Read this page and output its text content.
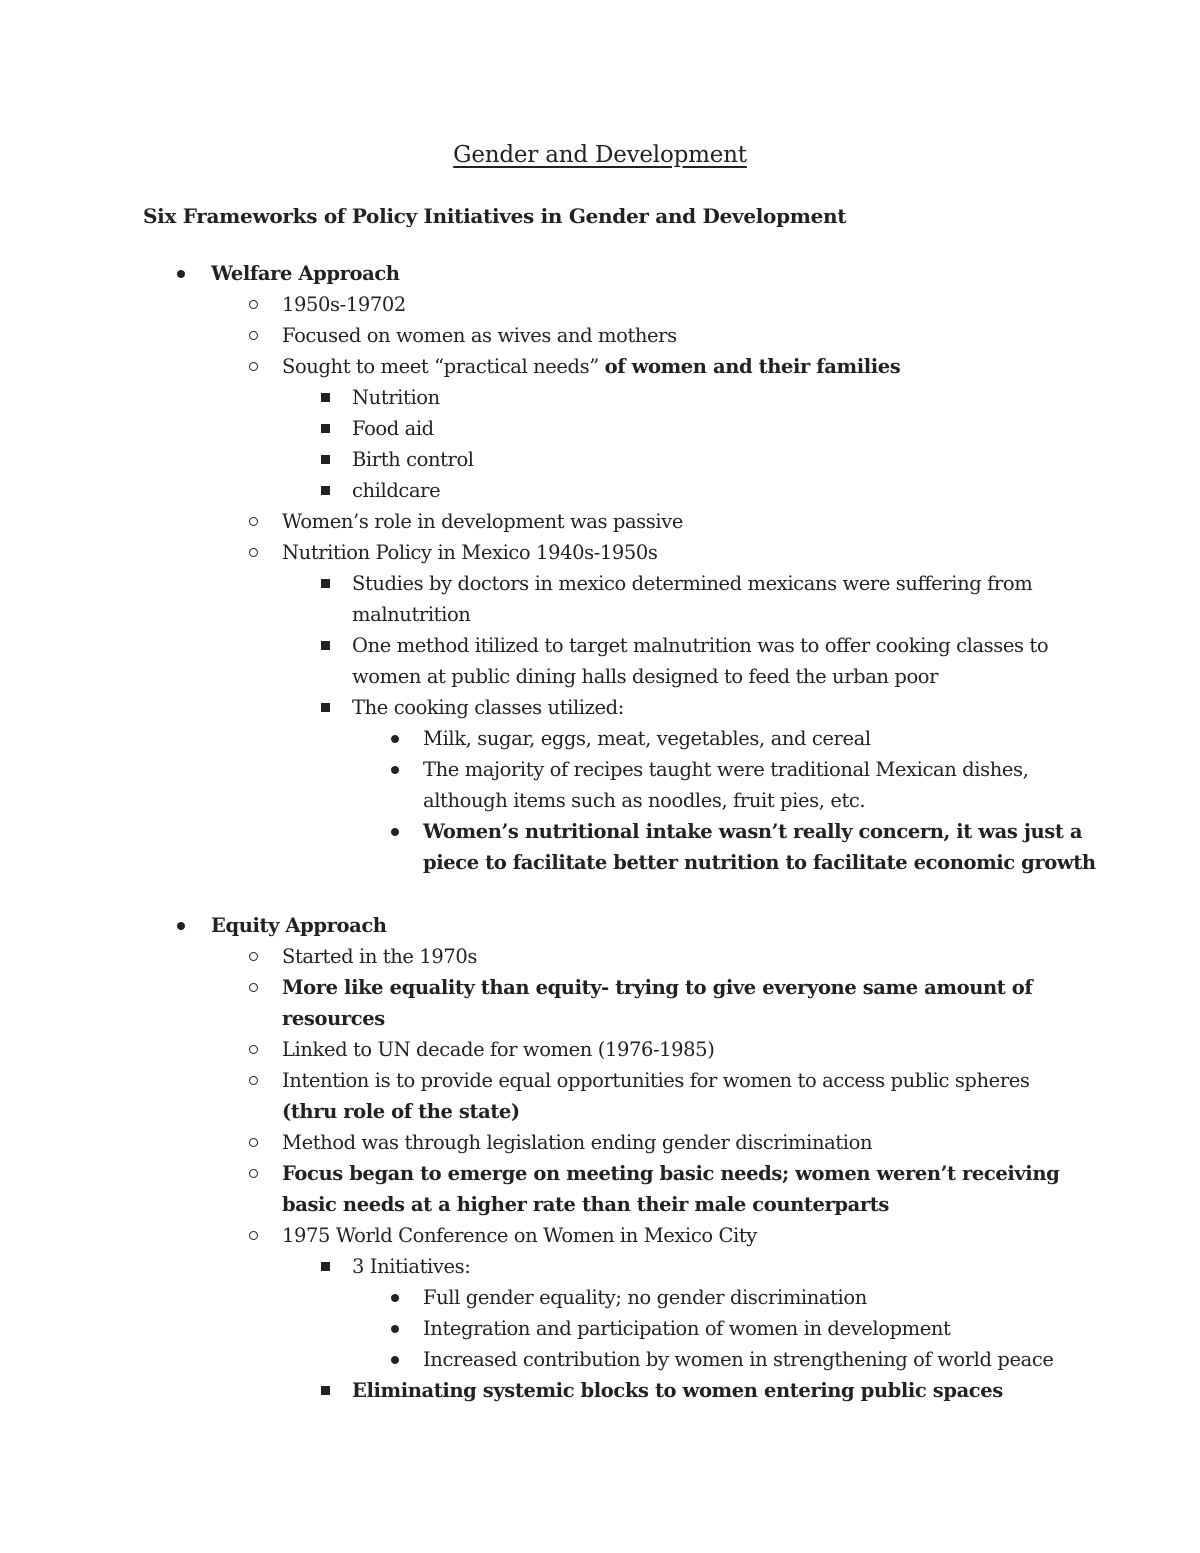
Gender and Development
Six Frameworks of Policy Initiatives in Gender and Development
Welfare Approach
1950s-19702
Focused on women as wives and mothers
Sought to meet “practical needs” of women and their families
Nutrition
Food aid
Birth control
childcare
Women’s role in development was passive
Nutrition Policy in Mexico 1940s-1950s
Studies by doctors in mexico determined mexicans were suffering from
malnutrition
One method itilized to target malnutrition was to offer cooking classes to
women at public dining halls designed to feed the urban poor
The cooking classes utilized:
Milk, sugar, eggs, meat, vegetables, and cereal
The majority of recipes taught were traditional Mexican dishes,
although items such as noodles, fruit pies, etc.
Women’s nutritional intake wasn’t really concern, it was just a
piece to facilitate better nutrition to facilitate economic growth
Equity Approach
Started in the 1970s
More like equality than equity- trying to give everyone same amount of
resources
Linked to UN decade for women (1976-1985)
Intention is to provide equal opportunities for women to access public spheres
(thru role of the state)
Method was through legislation ending gender discrimination
Focus began to emerge on meeting basic needs; women weren’t receiving
basic needs at a higher rate than their male counterparts
1975 World Conference on Women in Mexico City
3 Initiatives:
Full gender equality; no gender discrimination
Integration and participation of women in development
Increased contribution by women in strengthening of world peace
Eliminating systemic blocks to women entering public spaces
